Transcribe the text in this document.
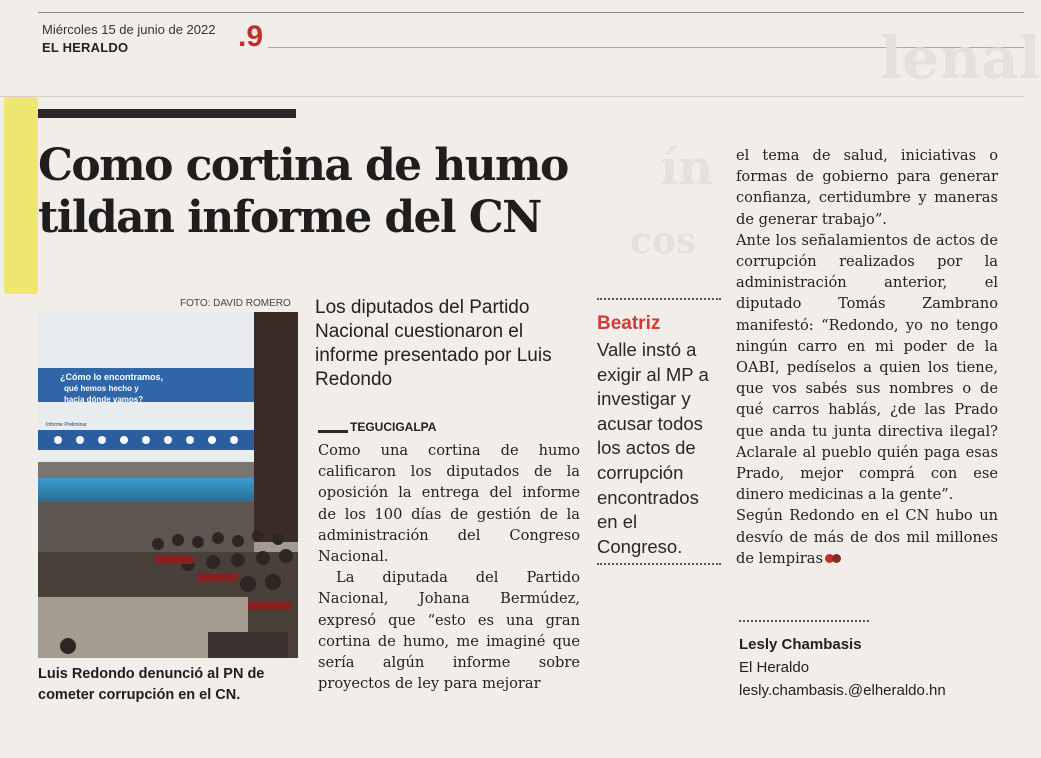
Miércoles 15 de junio de 2022
EL HERALDO	.9	lenal
ín
cos
Como cortina de humo
tildan informe del CN
FOTO: DAVID ROMERO
¿Cómo lo encontramos,
qué hemos hecho y
hacia dónde vamos?
Informe Preliminar
Luis Redondo denunció al PN de cometer corrupción en el CN.
Los diputados del Partido Nacional cuestionaron el informe presentado por Luis Redondo
TEGUCIGALPA

Como una cortina de humo calificaron los diputados de la oposición la entrega del informe de los 100 días de gestión de la administración del Congreso Nacional.

La diputada del Partido Nacional, Johana Bermúdez, expresó que “esto es una gran cortina de humo, me imaginé que sería algún informe sobre proyectos de ley para mejorar

Beatriz
Valle instó a exigir al MP a investigar y acusar todos los actos de corrupción encontrados en el Congreso.

el tema de salud, iniciativas o formas de gobierno para generar confianza, certidumbre y maneras de generar trabajo”.

Ante los señalamientos de actos de corrupción realizados por la administración anterior, el diputado Tomás Zambrano manifestó: “Redondo, yo no tengo ningún carro en mi poder de la OABI, pedíselos a quien los tiene, que vos sabés sus nombres o de qué carros hablás, ¿de las Prado que anda tu junta directiva ilegal? Aclarale al pueblo quién paga esas Prado, mejor comprá con ese dinero medicinas a la gente”.

Según Redondo en el CN hubo un desvío de más de dos mil millones de lempiras

Lesly Chambasis
El Heraldo
lesly.chambasis.@elheraldo.hn
